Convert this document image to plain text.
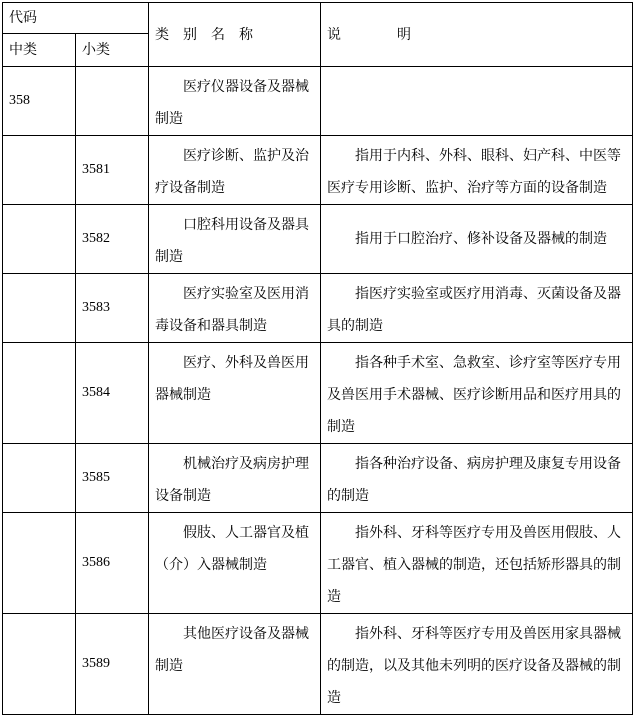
代码		类　别　名　称	说　　　　明
中类	小类		
358		医疗仪器设备及器械制造	
	3581	医疗诊断、监护及治疗设备制造	指用于内科、外科、眼科、妇产科、中医等医疗专用诊断、监护、治疗等方面的设备制造
	3582	口腔科用设备及器具制造	指用于口腔治疗、修补设备及器械的制造
	3583	医疗实验室及医用消毒设备和器具制造	指医疗实验室或医疗用消毒、灭菌设备及器具的制造
	3584	医疗、外科及兽医用器械制造	指各种手术室、急救室、诊疗室等医疗专用及兽医用手术器械、医疗诊断用品和医疗用具的制造
	3585	机械治疗及病房护理设备制造	指各种治疗设备、病房护理及康复专用设备的制造
	3586	假肢、人工器官及植（介）入器械制造	指外科、牙科等医疗专用及兽医用假肢、人工器官、植入器械的制造，还包括矫形器具的制造
	3589	其他医疗设备及器械制造	指外科、牙科等医疗专用及兽医用家具器械的制造，以及其他未列明的医疗设备及器械的制造
